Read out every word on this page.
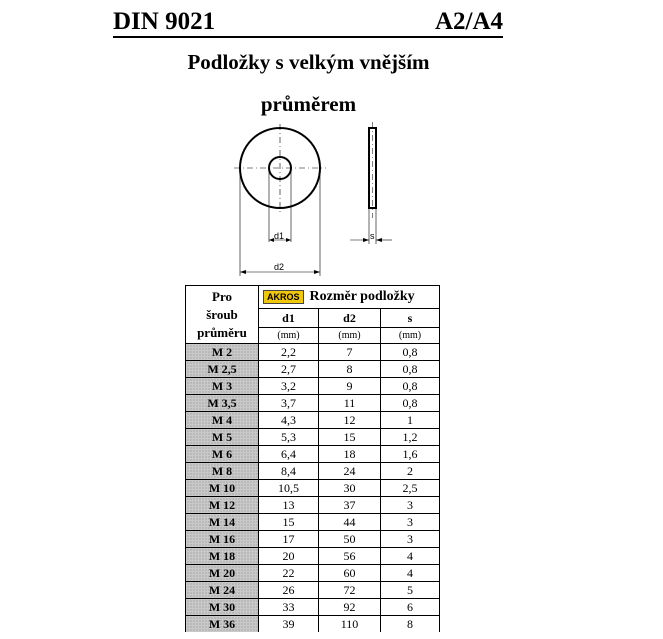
DIN 9021	A2/A4
Podložky s velkým vnějším
průměrem
d1
d2
s
Pro
šroub
průměru	AKROS Rozměr podložky		
	d1	d2	s
	(mm)	(mm)	(mm)
M 2	2,2	7	0,8
M 2,5	2,7	8	0,8
M 3	3,2	9	0,8
M 3,5	3,7	11	0,8
M 4	4,3	12	1
M 5	5,3	15	1,2
M 6	6,4	18	1,6
M 8	8,4	24	2
M 10	10,5	30	2,5
M 12	13	37	3
M 14	15	44	3
M 16	17	50	3
M 18	20	56	4
M 20	22	60	4
M 24	26	72	5
M 30	33	92	6
M 36	39	110	8
